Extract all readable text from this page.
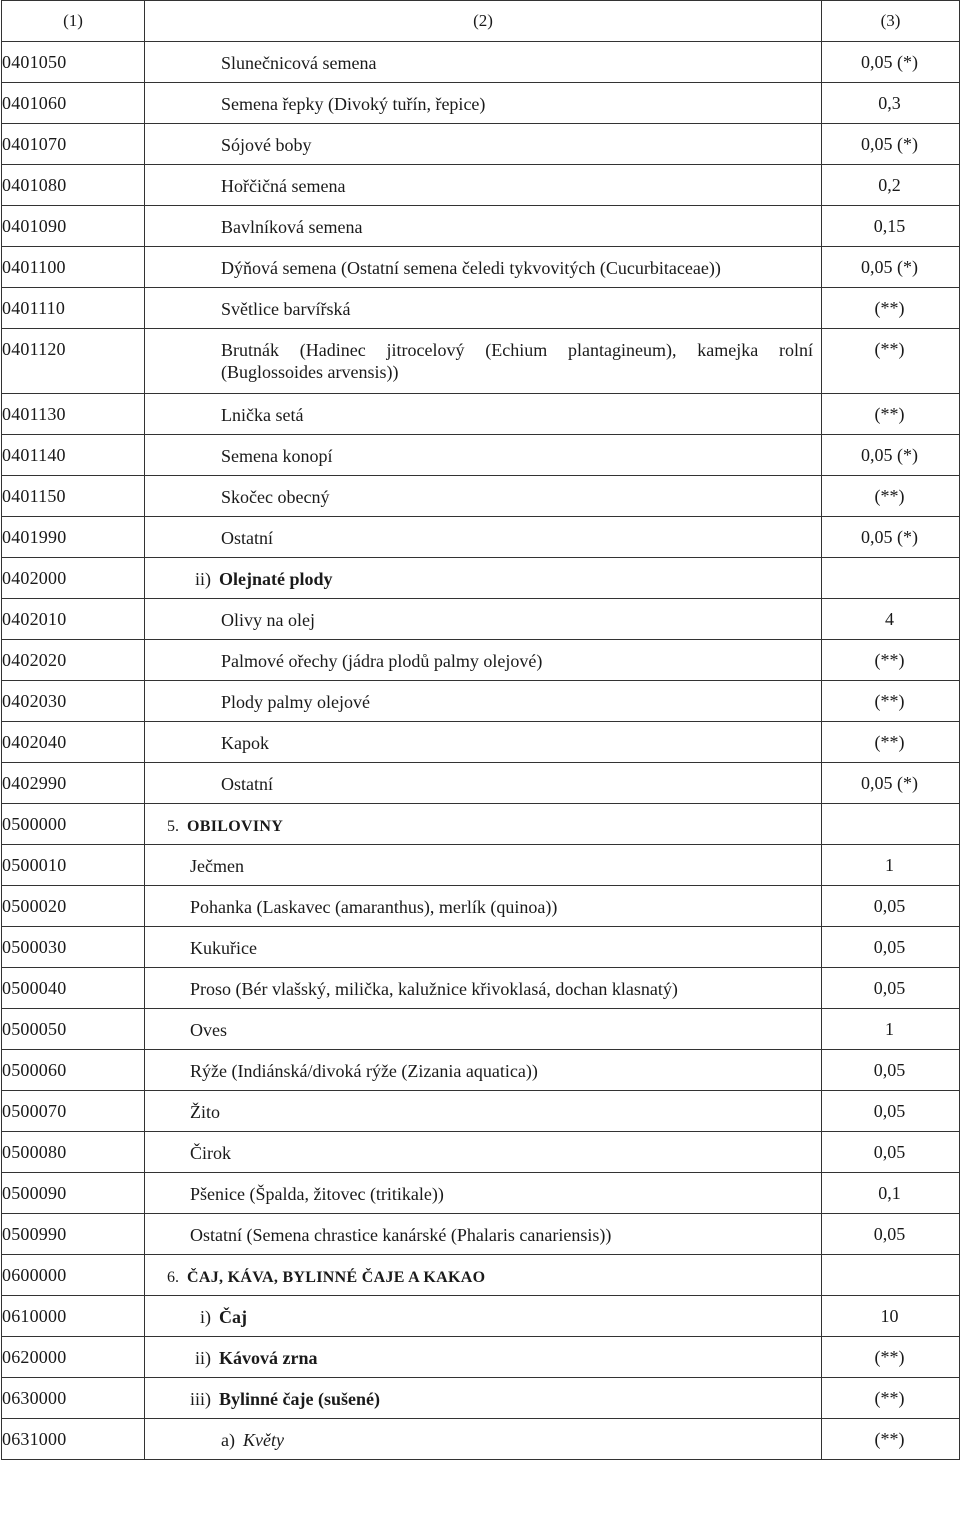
(1)	(2)	(3)
0401050	Slunečnicová semena	0,05 (*)
0401060	Semena řepky (Divoký tuřín, řepice)	0,3
0401070	Sójové boby	0,05 (*)
0401080	Hořčičná semena	0,2
0401090	Bavlníková semena	0,15
0401100	Dýňová semena (Ostatní semena čeledi tykvovitých (Cucurbitaceae))	0,05 (*)
0401110	Světlice barvířská	(**)
0401120	Brutnák (Hadinec jitrocelový (Echium plantagineum), kamejka rolní (Buglossoides arvensis))	(**)
0401130	Lnička setá	(**)
0401140	Semena konopí	0,05 (*)
0401150	Skočec obecný	(**)
0401990	Ostatní	0,05 (*)
0402000	ii) Olejnaté plody	
0402010	Olivy na olej	4
0402020	Palmové ořechy (jádra plodů palmy olejové)	(**)
0402030	Plody palmy olejové	(**)
0402040	Kapok	(**)
0402990	Ostatní	0,05 (*)
0500000	5. OBILOVINY	
0500010	Ječmen	1
0500020	Pohanka (Laskavec (amaranthus), merlík (quinoa))	0,05
0500030	Kukuřice	0,05
0500040	Proso (Bér vlašský, milička, kalužnice křivoklasá, dochan klasnatý)	0,05
0500050	Oves	1
0500060	Rýže (Indiánská/divoká rýže (Zizania aquatica))	0,05
0500070	Žito	0,05
0500080	Čirok	0,05
0500090	Pšenice (Špalda, žitovec (tritikale))	0,1
0500990	Ostatní (Semena chrastice kanárské (Phalaris canariensis))	0,05
0600000	6. ČAJ, KÁVA, BYLINNÉ ČAJE A KAKAO	
0610000	i) Čaj	10
0620000	ii) Kávová zrna	(**)
0630000	iii) Bylinné čaje (sušené)	(**)
0631000	a) Květy	(**)
